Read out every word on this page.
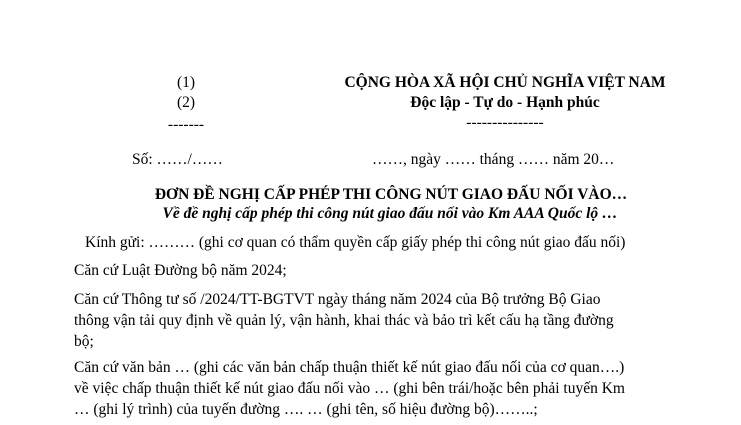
(1)
(2)
-------
CỘNG HÒA XÃ HỘI CHỦ NGHĨA VIỆT NAM
Độc lập - Tự do - Hạnh phúc
---------------
Số: ……/……	……, ngày …… tháng …… năm 20…
ĐƠN ĐỀ NGHỊ CẤP PHÉP THI CÔNG NÚT GIAO ĐẤU NỐI VÀO…
Về đề nghị cấp phép thi công nút giao đấu nối vào Km AAA Quốc lộ …
Kính gửi: ……… (ghi cơ quan có thẩm quyền cấp giấy phép thi công nút giao đấu nối)
Căn cứ Luật Đường bộ năm 2024;
Căn cứ Thông tư số /2024/TT-BGTVT ngày tháng năm 2024 của Bộ trưởng Bộ Giao
thông vận tải quy định về quản lý, vận hành, khai thác và bảo trì kết cấu hạ tầng đường
bộ;
Căn cứ văn bản … (ghi các văn bản chấp thuận thiết kế nút giao đấu nối của cơ quan….)
về việc chấp thuận thiết kế nút giao đấu nối vào … (ghi bên trái/hoặc bên phải tuyến Km
… (ghi lý trình) của tuyến đường …. … (ghi tên, số hiệu đường bộ)……..;
